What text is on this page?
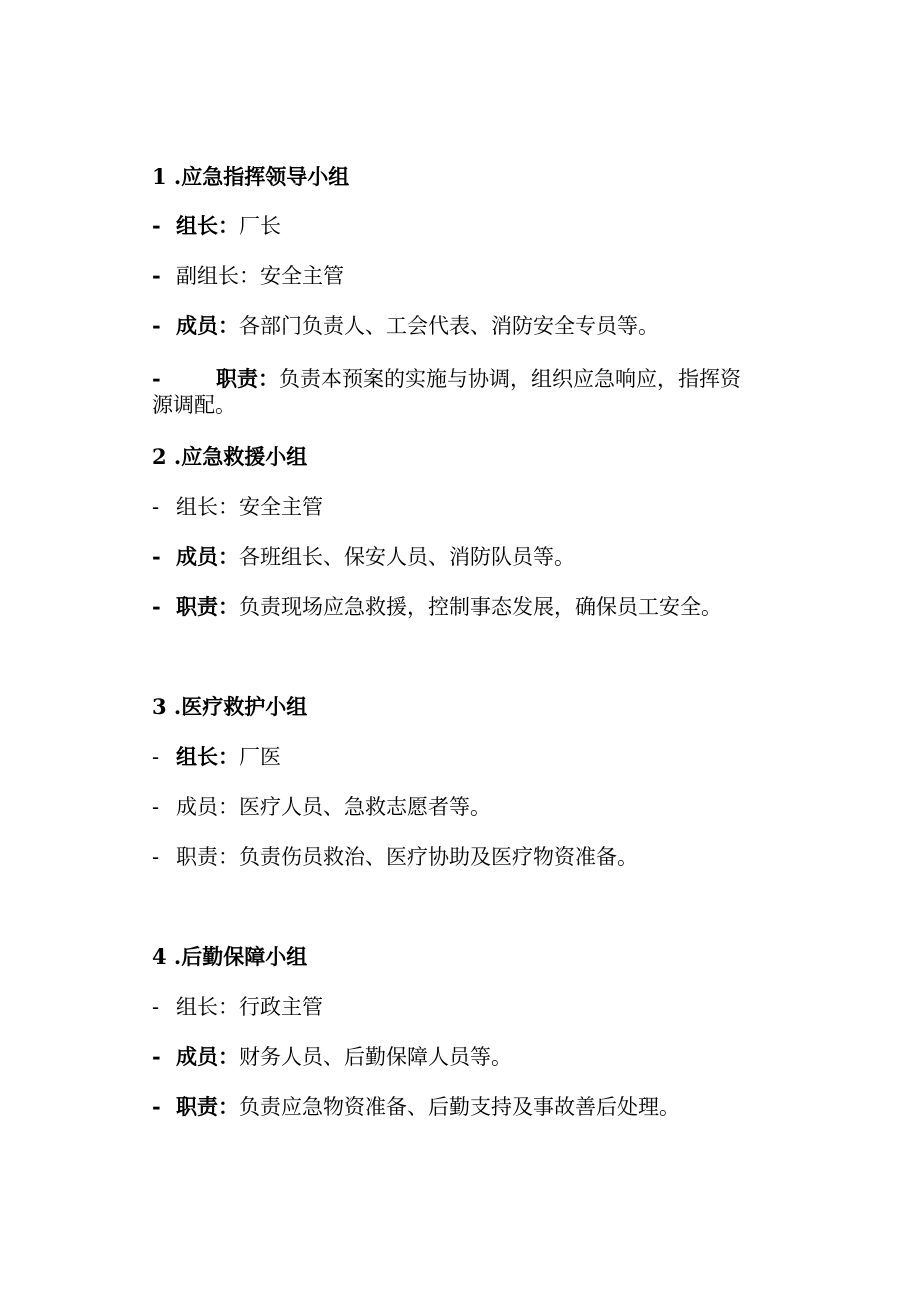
1 .应急指挥领导小组
- 组长：厂长
- 副组长：安全主管
- 成员：各部门负责人、工会代表、消防安全专员等。
-	职责：负责本预案的实施与协调，组织应急响应，指挥资
源调配。
2 .应急救援小组
- 组长：安全主管
- 成员：各班组长、保安人员、消防队员等。
- 职责：负责现场应急救援，控制事态发展，确保员工安全。
3 .医疗救护小组
- 组长：厂医
- 成员：医疗人员、急救志愿者等。
- 职责：负责伤员救治、医疗协助及医疗物资准备。
4 .后勤保障小组
- 组长：行政主管
- 成员：财务人员、后勤保障人员等。
- 职责：负责应急物资准备、后勤支持及事故善后处理。
